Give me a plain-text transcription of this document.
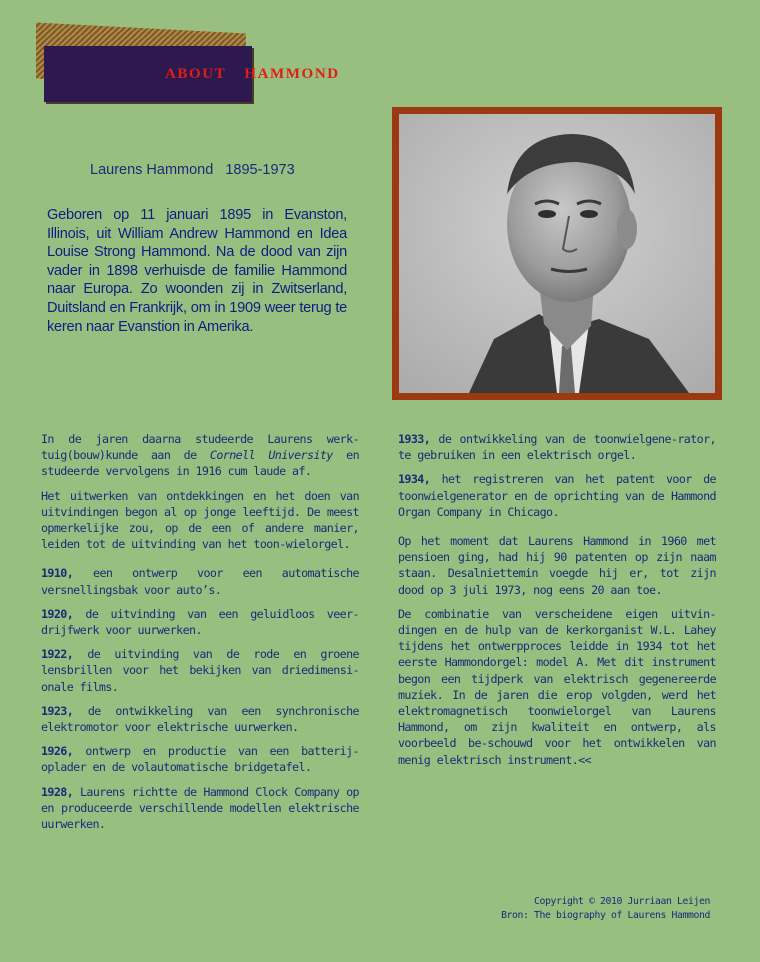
ABOUT HAMMOND
Laurens Hammond 1895-1973
Geboren op 11 januari 1895 in Evanston, Illinois, uit William Andrew Hammond en Idea Louise Strong Hammond. Na de dood van zijn vader in 1898 verhuisde de familie Hammond naar Europa. Zo woonden zij in Zwitserland, Duitsland en Frankrijk, om in 1909 weer terug te keren naar Evanstion in Amerika.

In de jaren daarna studeerde Laurens werk-tuig(bouw)kunde aan de Cornell University en studeerde vervolgens in 1916 cum laude af.

Het uitwerken van ontdekkingen en het doen van uitvindingen begon al op jonge leeftijd. De meest opmerkelijke zou, op de een of andere manier, leiden tot de uitvinding van het toon-wielorgel.

1910, een ontwerp voor een automatische versnellingsbak voor auto’s.

1920, de uitvinding van een geluidloos veer-drijfwerk voor uurwerken.

1922, de uitvinding van de rode en groene lensbrillen voor het bekijken van driedimensi-onale films.

1923, de ontwikkeling van een synchronische elektromotor voor elektrische uurwerken.

1926, ontwerp en productie van een batterij-oplader en de volautomatische bridgetafel.

1928, Laurens richtte de Hammond Clock Company op en produceerde verschillende modellen elektrische uurwerken.

1933, de ontwikkeling van de toonwielgene-rator, te gebruiken in een elektrisch orgel.

1934, het registreren van het patent voor de toonwielgenerator en de oprichting van de Hammond Organ Company in Chicago.

Op het moment dat Laurens Hammond in 1960 met pensioen ging, had hij 90 patenten op zijn naam staan. Desalniettemin voegde hij er, tot zijn dood op 3 juli 1973, nog eens 20 aan toe.

De combinatie van verscheidene eigen uitvin-dingen en de hulp van de kerkorganist W.L. Lahey tijdens het ontwerpproces leidde in 1934 tot het eerste Hammondorgel: model A. Met dit instrument begon een tijdperk van elektrisch gegenereerde muziek. In de jaren die erop volgden, werd het elektromagnetisch toonwielorgel van Laurens Hammond, om zijn kwaliteit en ontwerp, als voorbeeld be-schouwd voor het ontwikkelen van menig elektrisch instrument.<<

Copyright © 2010 Jurriaan Leijen
Bron: The biography of Laurens Hammond
